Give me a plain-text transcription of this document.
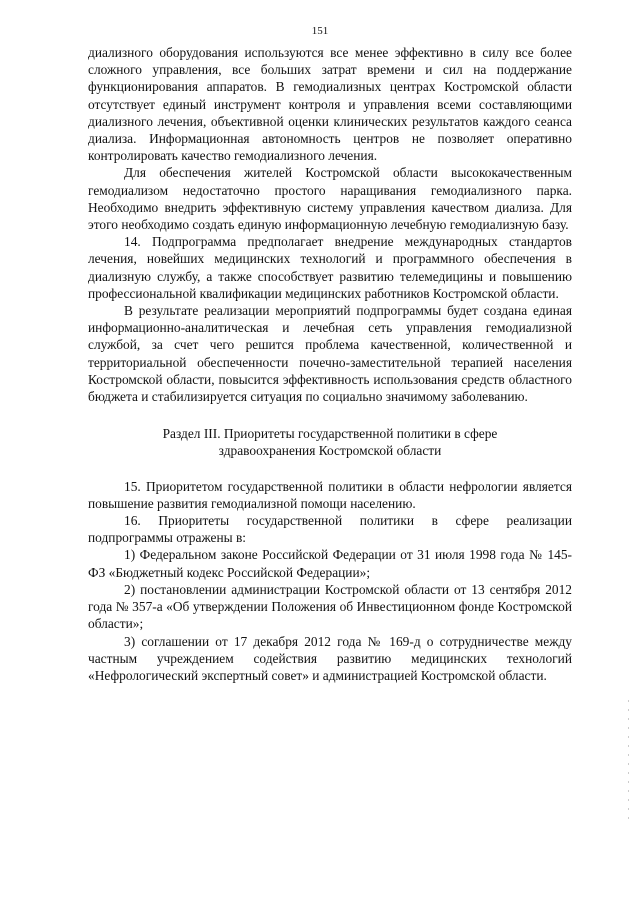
151

диализного оборудования используются все менее эффективно в силу все более сложного управления, все больших затрат времени и сил на поддержание функционирования аппаратов. В гемодиализных центрах Костромской области отсутствует единый инструмент контроля и управления всеми составляющими диализного лечения, объективной оценки клинических результатов каждого сеанса диализа. Информационная автономность центров не позволяет оперативно контролировать качество гемодиализного лечения.

Для обеспечения жителей Костромской области высококачественным гемодиализом недостаточно простого наращивания гемодиализного парка. Необходимо внедрить эффективную систему управления качеством диализа. Для этого необходимо создать единую информационную лечебную гемодиализную базу.

14. Подпрограмма предполагает внедрение международных стандартов лечения, новейших медицинских технологий и программного обеспечения в диализную службу, а также способствует развитию телемедицины и повышению профессиональной квалификации медицинских работников Костромской области.

В результате реализации мероприятий подпрограммы будет создана единая информационно-аналитическая и лечебная сеть управления гемодиализной службой, за счет чего решится проблема качественной, количественной и территориальной обеспеченности почечно-заместительной терапией населения Костромской области, повысится эффективность использования средств областного бюджета и стабилизируется ситуация по социально значимому заболеванию.

Раздел III. Приоритеты государственной политики в сфере
здравоохранения Костромской области

15. Приоритетом государственной политики в области нефрологии является повышение развития гемодиализной помощи населению.

16. Приоритеты государственной политики в сфере реализации подпрограммы отражены в:

1) Федеральном законе Российской Федерации от 31 июля 1998 года № 145-ФЗ «Бюджетный кодекс Российской Федерации»;

2) постановлении администрации Костромской области от 13 сентября 2012 года № 357-а «Об утверждении Положения об Инвестиционном фонде Костромской области»;

3) соглашении от 17 декабря 2012 года № 169-д о сотрудничестве между частным учреждением содействия развитию медицинских технологий «Нефрологический экспертный совет» и администрацией Костромской области.
